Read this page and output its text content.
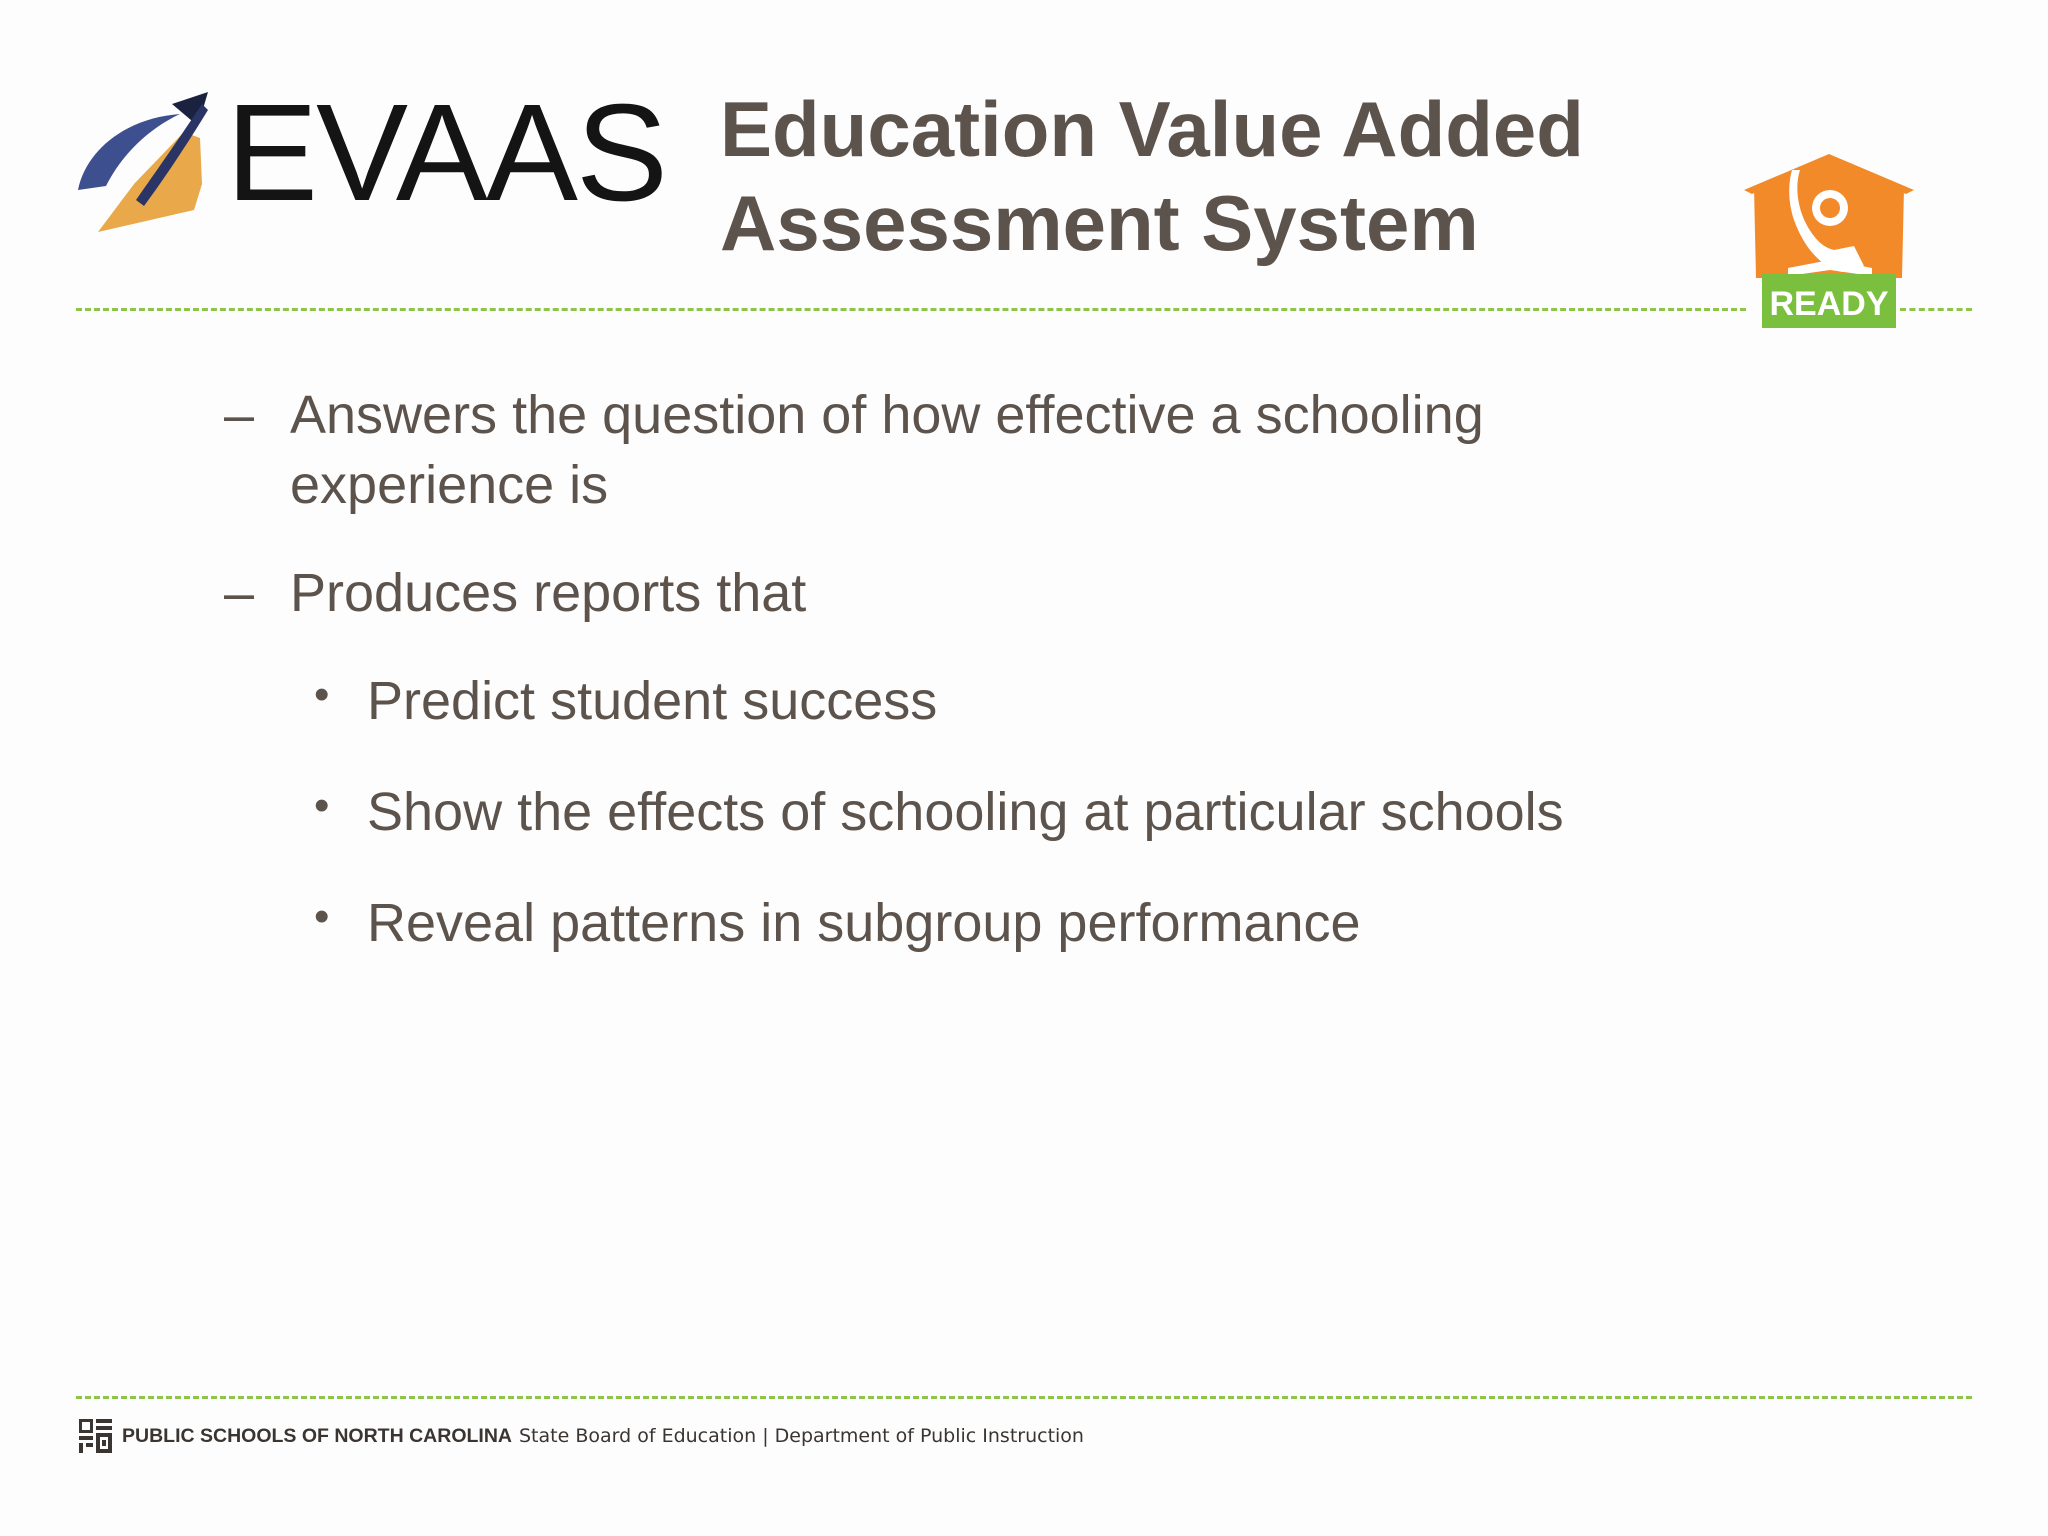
EVAAS Education Value Added
Assessment System
READY
– Answers the question of how effective a schooling
experience is
– Produces reports that
• Predict student success
• Show the effects of schooling at particular schools
• Reveal patterns in subgroup performance
PUBLIC SCHOOLS OF NORTH CAROLINA State Board of Education | Department of Public Instruction
